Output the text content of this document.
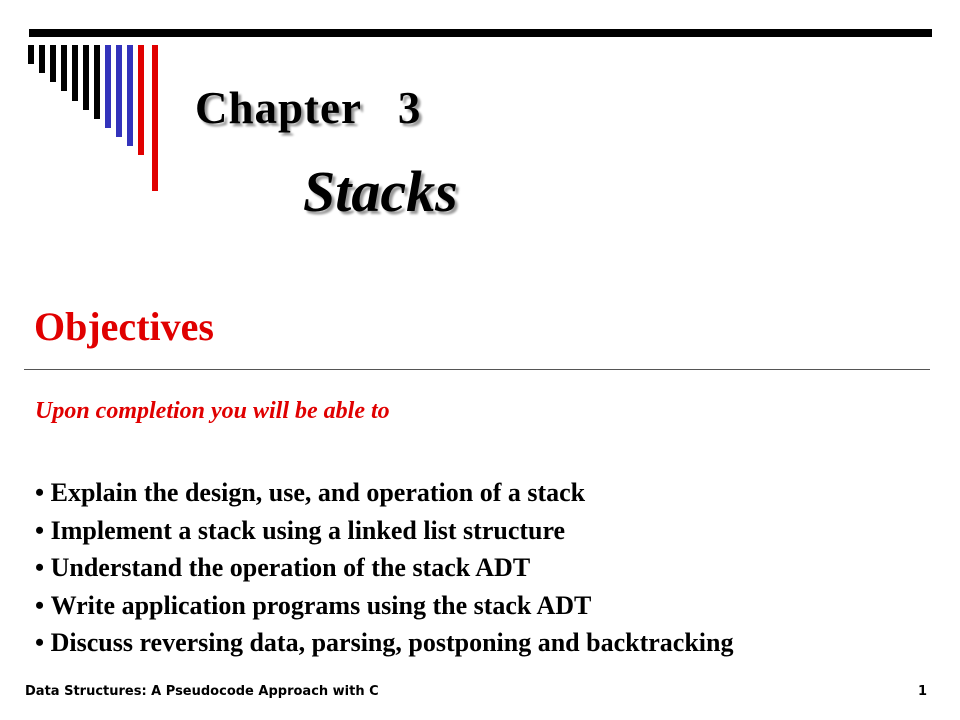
Chapter   3
Stacks
Objectives
Upon completion you will be able to
• Explain the design, use, and operation of a stack
• Implement a stack using a linked list structure
• Understand the operation of the stack ADT
• Write application programs using the stack ADT
• Discuss reversing data, parsing, postponing and backtracking
Data Structures: A Pseudocode Approach with C	1
